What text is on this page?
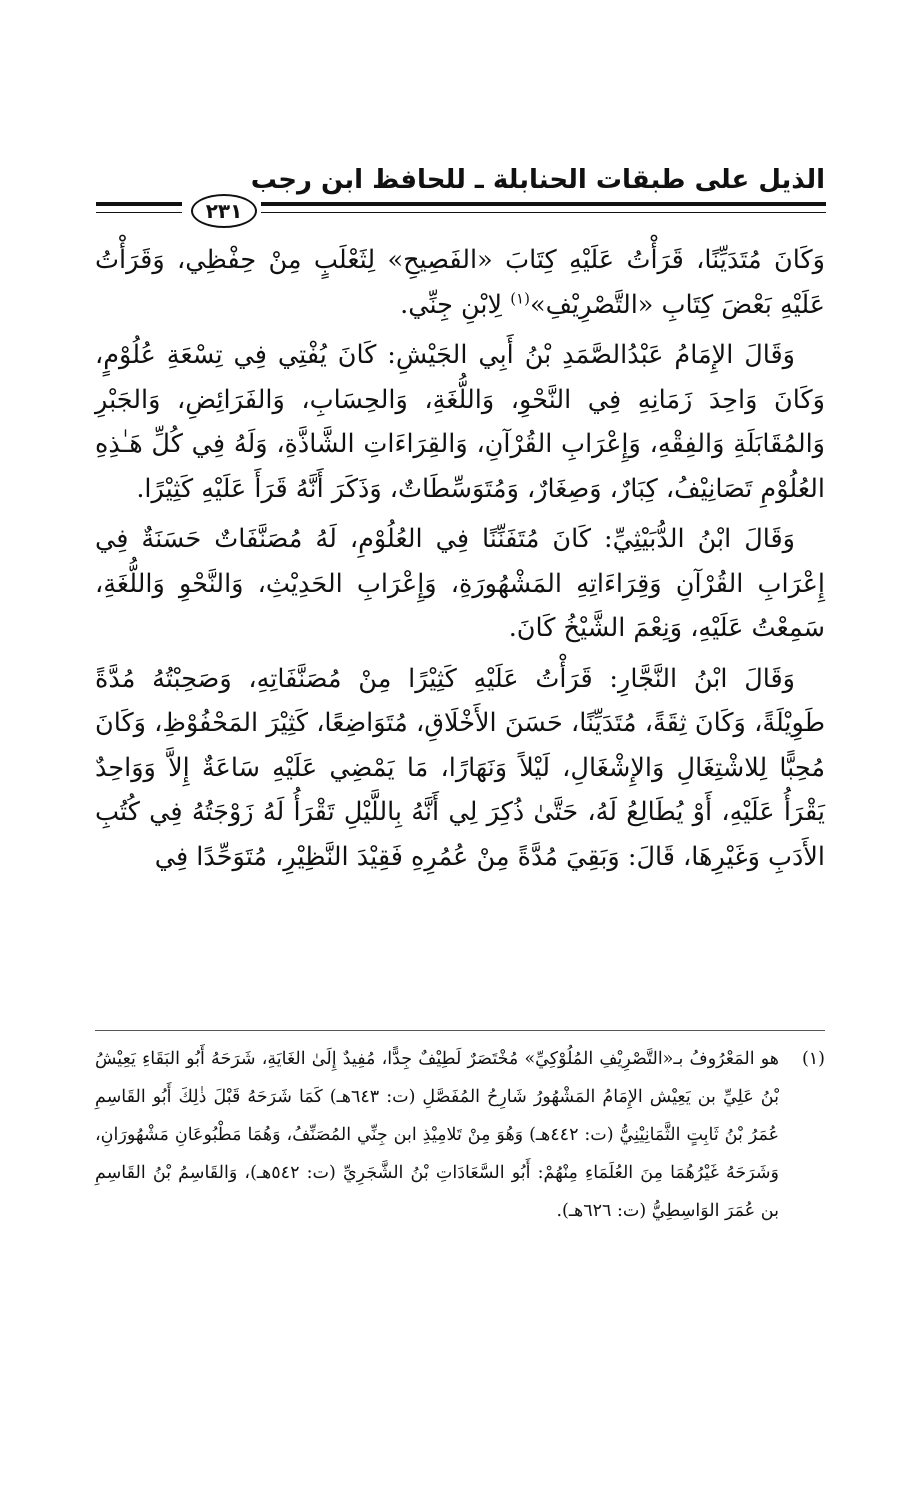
الذيل على طبقات الحنابلة ـ للحافظ ابن رجب
٢٣١

وَكَانَ مُتَدَيِّنًا، قَرَأْتُ عَلَيْهِ كِتَابَ «الفَصِيحِ» لِثَعْلَبٍ مِنْ حِفْظِي، وَقَرَأْتُ عَلَيْهِ بَعْضَ كِتَابِ «التَّصْرِيْفِ»$^{(١)}$ لِابْنِ جِنِّي.

وَقَالَ الإِمَامُ عَبْدُالصَّمَدِ بْنُ أَبِي الجَيْشِ: كَانَ يُفْتِي فِي تِسْعَةِ عُلُوْمٍ، وَكَانَ وَاحِدَ زَمَانِهِ فِي النَّحْوِ، وَاللُّغَةِ، وَالحِسَابِ، وَالفَرَائِضِ، وَالجَبْرِ وَالمُقَابَلَةِ وَالفِقْهِ، وَإِعْرَابِ القُرْآنِ، وَالقِرَاءَاتِ الشَّاذَّةِ، وَلَهُ فِي كُلِّ هَـٰذِهِ العُلُوْمِ تَصَانِيْفُ، كِبَارٌ، وَصِغَارٌ، وَمُتَوَسِّطَاتٌ، وَذَكَرَ أَنَّهُ قَرَأَ عَلَيْهِ كَثِيْرًا.

وَقَالَ ابْنُ الدُّبَيْثِيِّ: كَانَ مُتَفَنِّنًا فِي العُلُوْمِ، لَهُ مُصَنَّفَاتٌ حَسَنَةٌ فِي إِعْرَابِ القُرْآنِ وَقِرَاءَاتِهِ المَشْهُورَةِ، وَإِعْرَابِ الحَدِيْثِ، وَالنَّحْوِ وَاللُّغَةِ، سَمِعْتُ عَلَيْهِ، وَنِعْمَ الشَّيْخُ كَانَ.

وَقَالَ ابْنُ النَّجَّارِ: قَرَأْتُ عَلَيْهِ كَثِيْرًا مِنْ مُصَنَّفَاتِهِ، وَصَحِبْتُهُ مُدَّةً طَوِيْلَةً، وَكَانَ ثِقَةً، مُتَدَيِّنًا، حَسَنَ الأَخْلَاقِ، مُتَوَاضِعًا، كَثِيْرَ المَحْفُوْظِ، وَكَانَ مُحِبًّا لِلاشْتِغَالِ وَالإِشْغَالِ، لَيْلاً وَنَهَارًا، مَا يَمْضِي عَلَيْهِ سَاعَةٌ إِلاَّ وَوَاحِدٌ يَقْرَأُ عَلَيْهِ، أَوْ يُطَالِعُ لَهُ، حَتَّىٰ ذُكِرَ لِي أَنَّهُ بِاللَّيْلِ تَقْرَأُ لَهُ زَوْجَتُهُ فِي كُتُبِ الأَدَبِ وَغَيْرِهَا، قَالَ: وَبَقِيَ مُدَّةً مِنْ عُمُرِهِ فَقِيْدَ النَّظِيْرِ، مُتَوَحِّدًا فِي

(١)
هو المَعْرُوفُ بـ«التَّصْرِيْفِ المُلُوْكِيِّ» مُخْتَصَرٌ لَطِيْفٌ جِدًّا، مُفِيدٌ إِلَىٰ الغَايَةِ، شَرَحَهُ أَبُو البَقَاءِ يَعِيْشُ بْنُ عَلِيِّ بن يَعِيْش الإِمَامُ المَشْهُورُ شَارِحُ المُفَصَّلِ (ت: ٦٤٣هـ) كَمَا شَرَحَهُ قَبْلَ ذٰلِكَ أَبُو القَاسِمِ عُمَرُ بْنُ ثَابِتٍ الثَّمَانِيْنِيُّ (ت: ٤٤٢هـ) وَهُوَ مِنْ تَلامِيْذِ ابن جِنِّي المُصَنِّفُ، وَهُمَا مَطْبُوعَانِ مَشْهُورَانِ، وَشَرَحَهُ غَيْرُهُمَا مِنَ العُلَمَاءِ مِنْهُمْ: أَبُو السَّعَادَاتِ بْنُ الشَّجَرِيِّ (ت: ٥٤٢هـ)، وَالقَاسِمُ بْنُ القَاسِمِ بن عُمَرَ الوَاسِطِيُّ (ت: ٦٢٦هـ).
